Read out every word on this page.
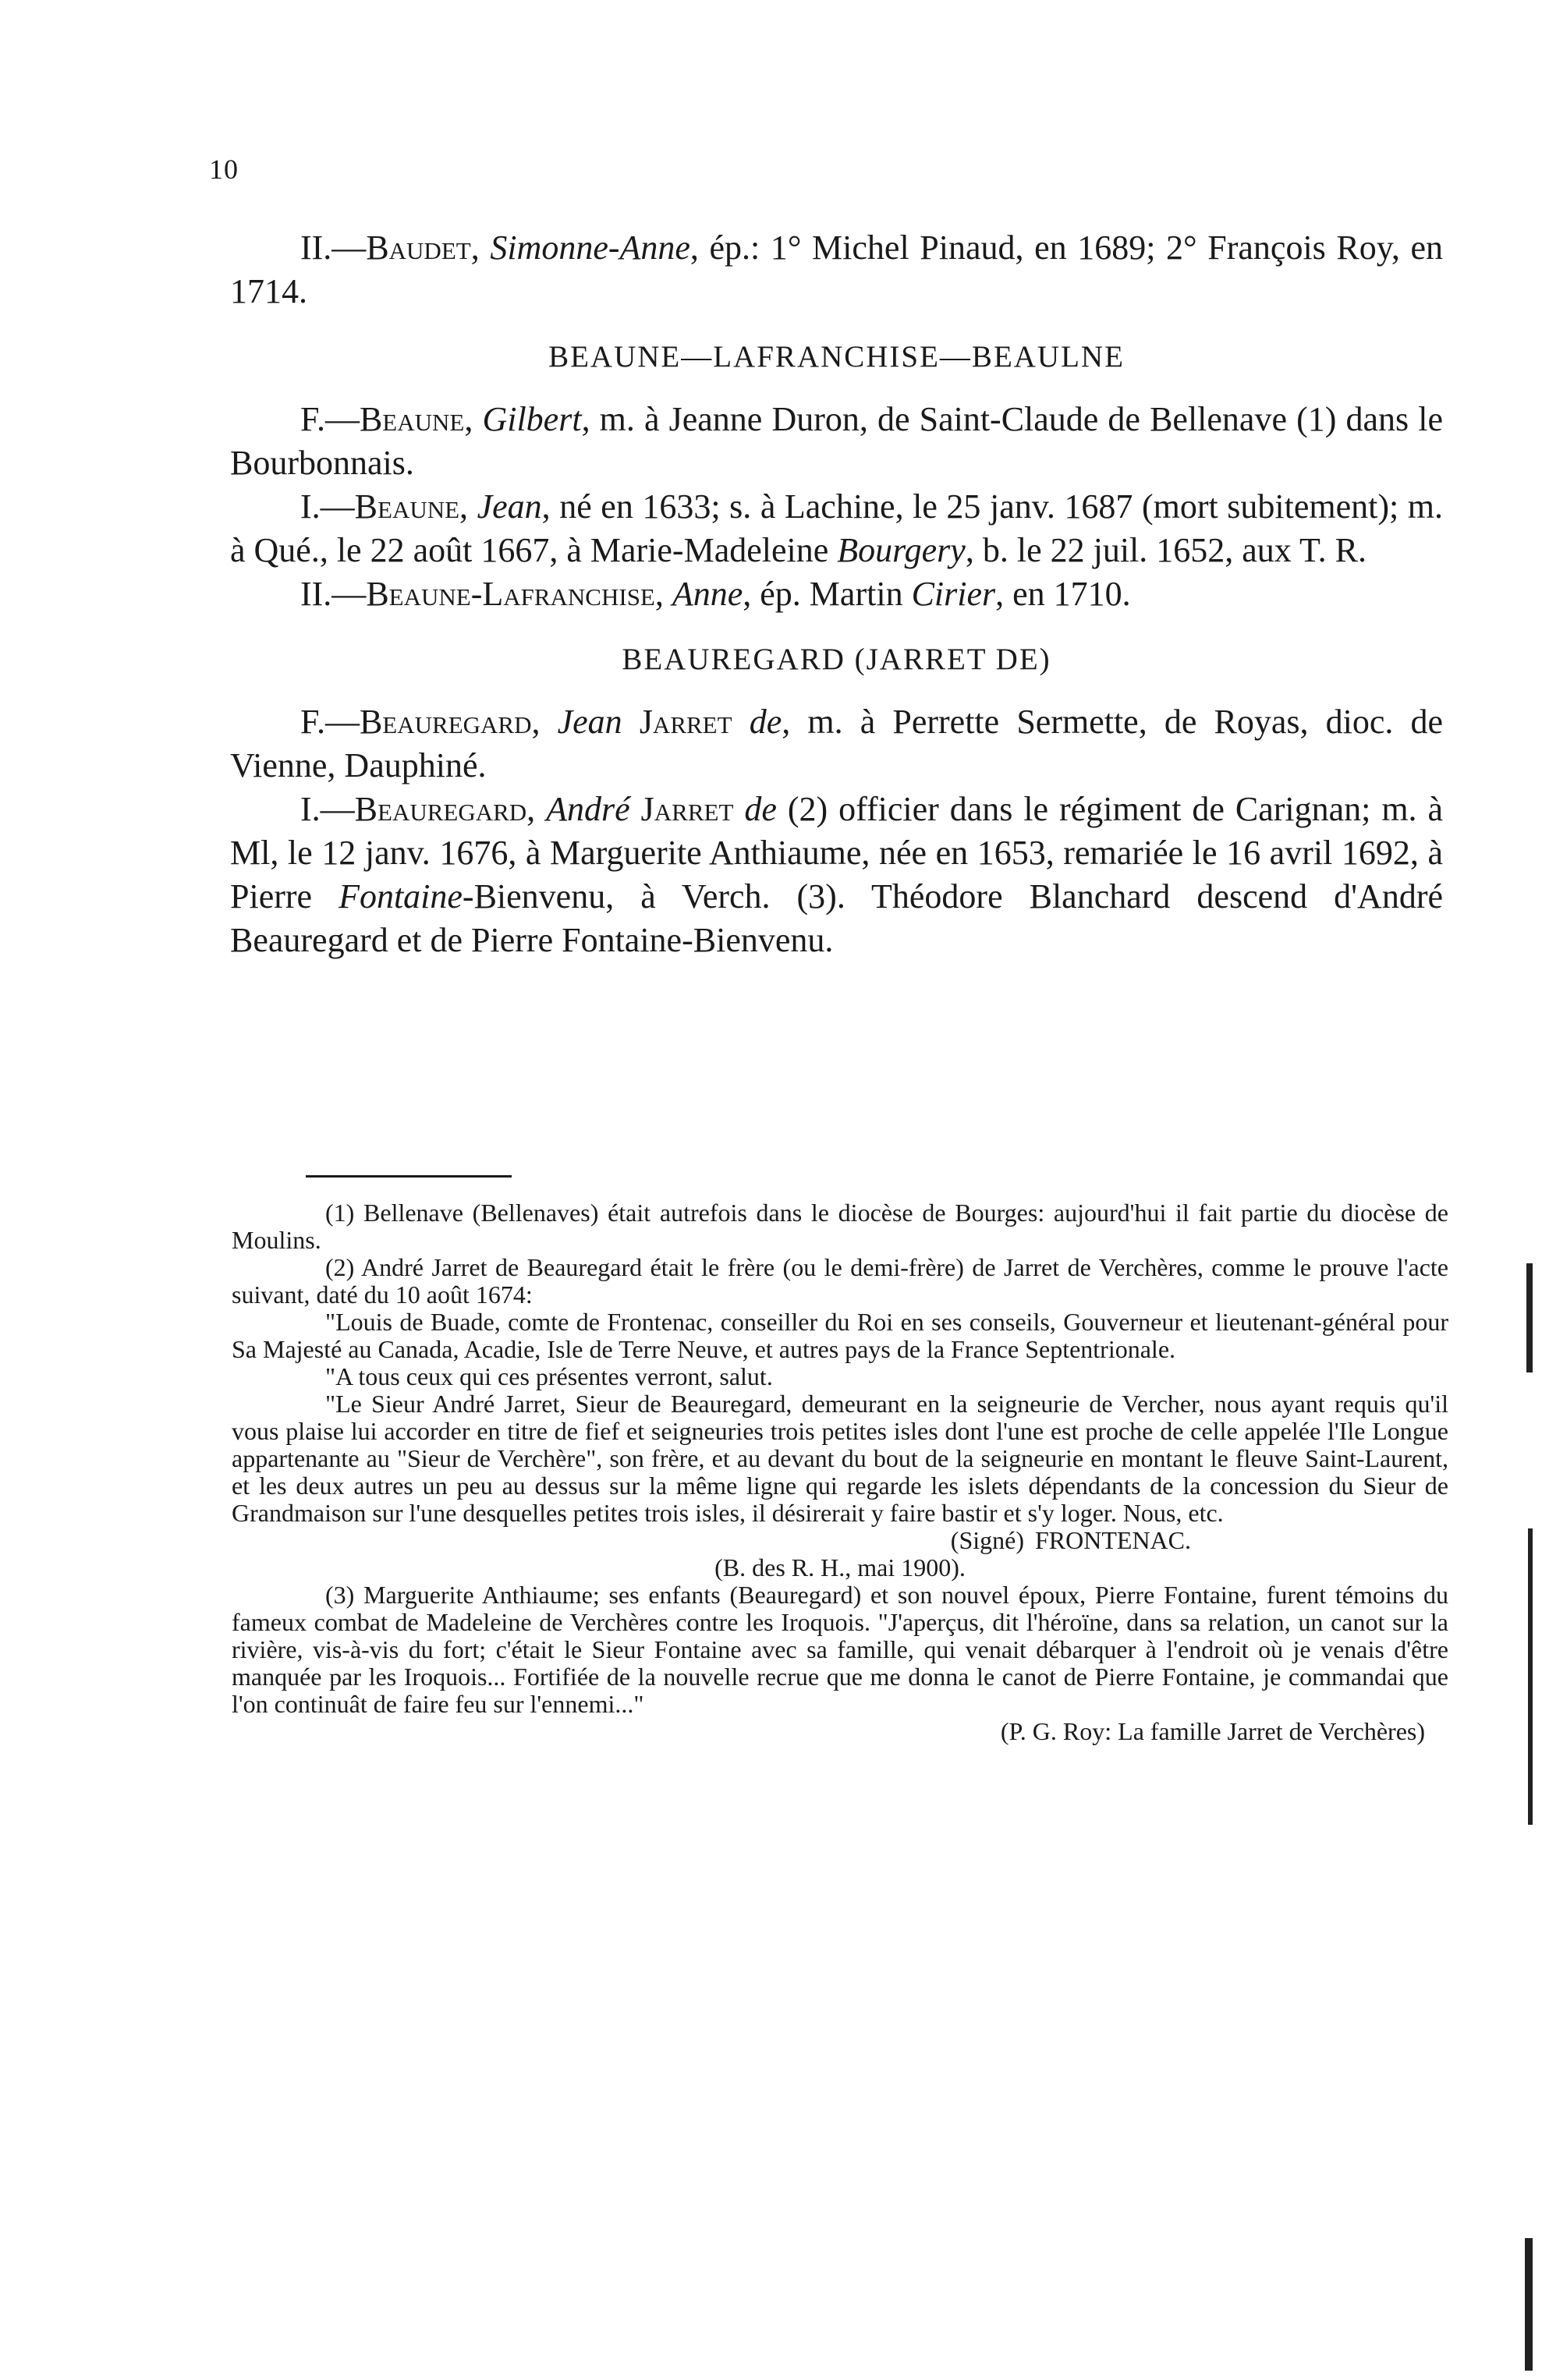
10

II.—Baudet, Simonne-Anne, ép.: 1° Michel Pinaud, en 1689; 2° François Roy, en 1714.

BEAUNE—LAFRANCHISE—BEAULNE

F.—Beaune, Gilbert, m. à Jeanne Duron, de Saint-Claude de Bellenave (1) dans le Bourbonnais.

I.—Beaune, Jean, né en 1633; s. à Lachine, le 25 janv. 1687 (mort subitement); m. à Qué., le 22 août 1667, à Marie-Madeleine Bourgery, b. le 22 juil. 1652, aux T. R.

II.—Beaune-Lafranchise, Anne, ép. Martin Cirier, en 1710.

BEAUREGARD (JARRET DE)

F.—Beauregard, Jean Jarret de, m. à Perrette Sermette, de Royas, dioc. de Vienne, Dauphiné.

I.—Beauregard, André Jarret de (2) officier dans le régiment de Carignan; m. à Ml, le 12 janv. 1676, à Marguerite Anthiaume, née en 1653, remariée le 16 avril 1692, à Pierre Fontaine-Bienvenu, à Verch. (3). Théodore Blanchard descend d'André Beauregard et de Pierre Fontaine-Bienvenu.

(1) Bellenave (Bellenaves) était autrefois dans le diocèse de Bourges: aujourd'hui il fait partie du diocèse de Moulins.

(2) André Jarret de Beauregard était le frère (ou le demi-frère) de Jarret de Verchères, comme le prouve l'acte suivant, daté du 10 août 1674:

"Louis de Buade, comte de Frontenac, conseiller du Roi en ses conseils, Gouverneur et lieutenant-général pour Sa Majesté au Canada, Acadie, Isle de Terre Neuve, et autres pays de la France Septentrionale.

"A tous ceux qui ces présentes verront, salut.

"Le Sieur André Jarret, Sieur de Beauregard, demeurant en la seigneurie de Vercher, nous ayant requis qu'il vous plaise lui accorder en titre de fief et seigneuries trois petites isles dont l'une est proche de celle appelée l'Ile Longue appartenante au "Sieur de Verchère", son frère, et au devant du bout de la seigneurie en montant le fleuve Saint-Laurent, et les deux autres un peu au dessus sur la même ligne qui regarde les islets dépendants de la concession du Sieur de Grandmaison sur l'une desquelles petites trois isles, il désirerait y faire bastir et s'y loger. Nous, etc.

(Signé) FRONTENAC.

(B. des R. H., mai 1900).

(3) Marguerite Anthiaume; ses enfants (Beauregard) et son nouvel époux, Pierre Fontaine, furent témoins du fameux combat de Madeleine de Verchères contre les Iroquois. "J'aperçus, dit l'héroïne, dans sa relation, un canot sur la rivière, vis-à-vis du fort; c'était le Sieur Fontaine avec sa famille, qui venait débarquer à l'endroit où je venais d'être manquée par les Iroquois... Fortifiée de la nouvelle recrue que me donna le canot de Pierre Fontaine, je commandai que l'on continuât de faire feu sur l'ennemi..."

(P. G. Roy: La famille Jarret de Verchères)
